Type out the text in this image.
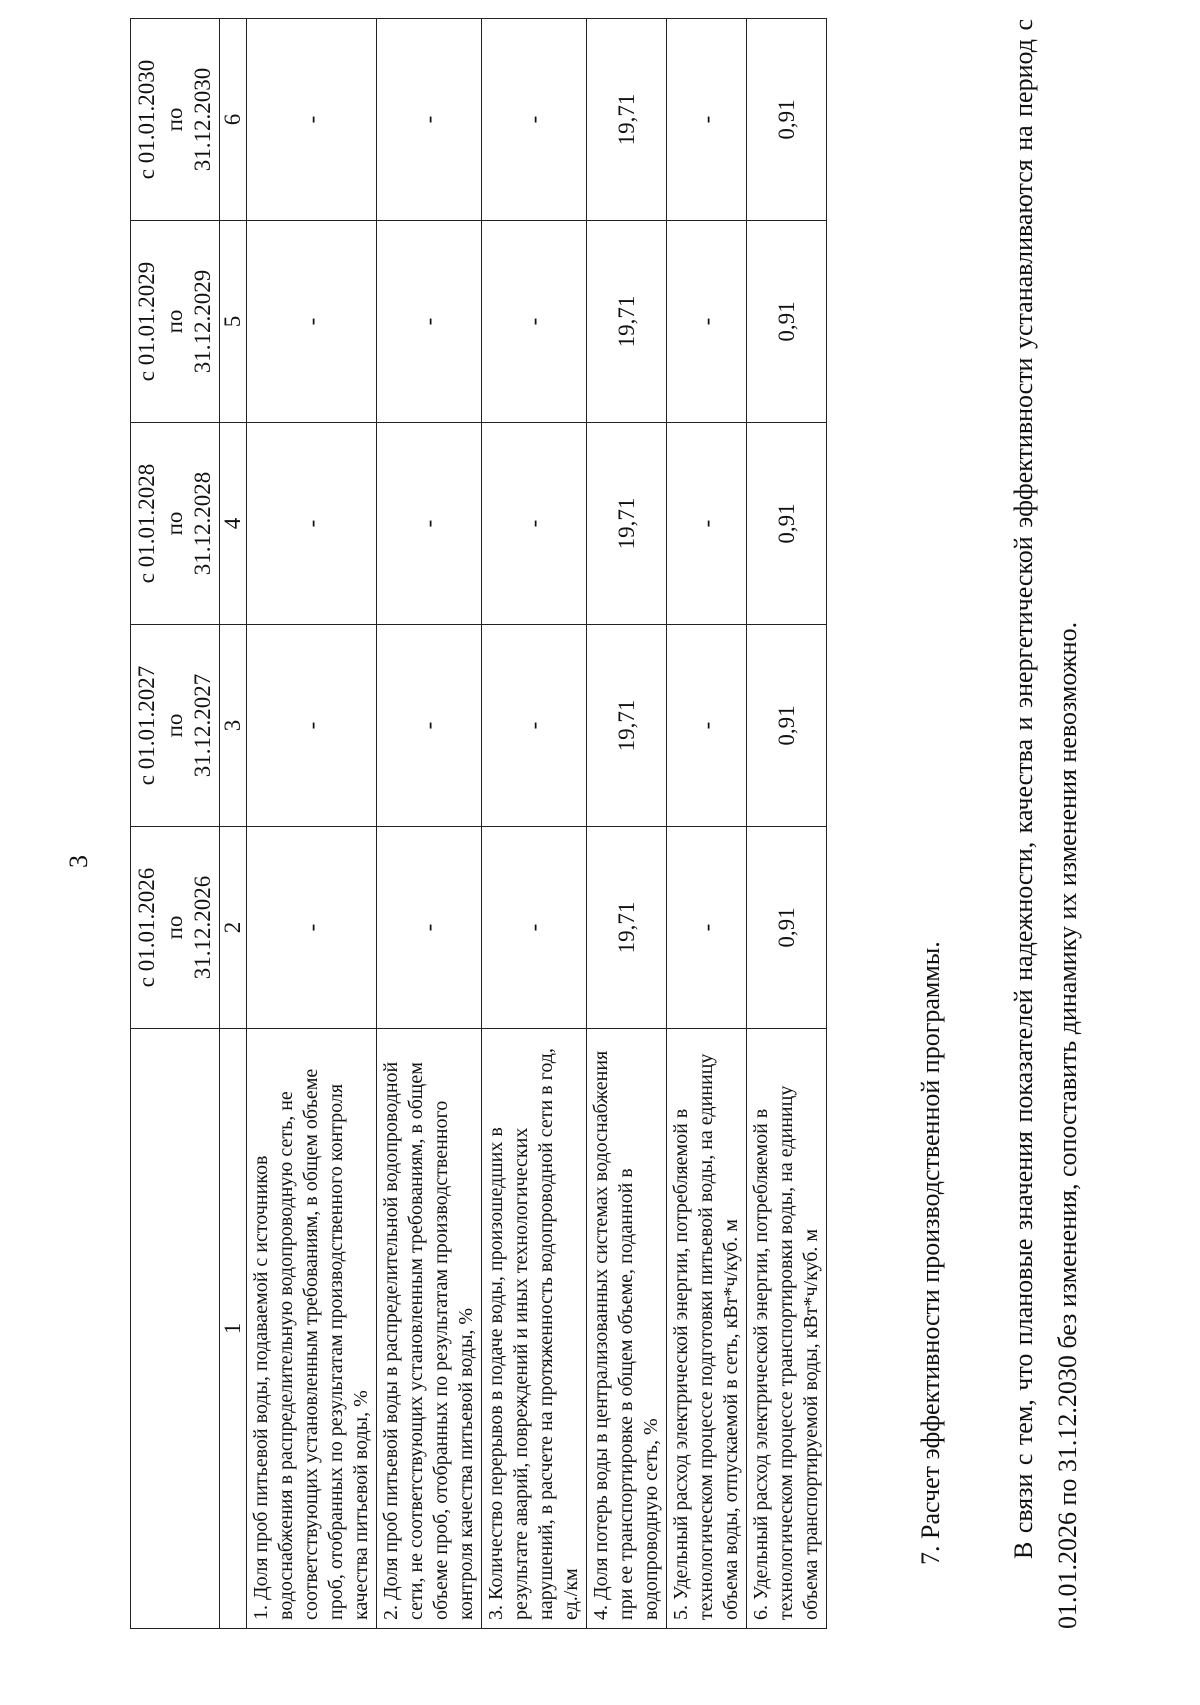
3

	с 01.01.2026 по 31.12.2026	с 01.01.2027 по 31.12.2027	с 01.01.2028 по 31.12.2028	с 01.01.2029 по 31.12.2029	с 01.01.2030 по 31.12.2030

1	2	3	4	5	6
1. Доля проб питьевой воды, подаваемой с источников водоснабжения в распределительную водопроводную сеть, не соответствующих установленным требованиям, в общем объеме проб, отобранных по результатам производственного контроля качества питьевой воды, %	-	-	-	-	-
2. Доля проб питьевой воды в распределительной водопроводной сети, не соответствующих установленным требованиям, в общем объеме проб, отобранных по результатам производственного контроля качества питьевой воды, %	-	-	-	-	-
3. Количество перерывов в подаче воды, произошедших в результате аварий, повреждений и иных технологических нарушений, в расчете на протяженность водопроводной сети в год, ед./км	-	-	-	-	-
4. Доля потерь воды в централизованных системах водоснабжения при ее транспортировке в общем объеме, поданной в водопроводную сеть, %	19,71	19,71	19,71	19,71	19,71
5. Удельный расход электрической энергии, потребляемой в технологическом процессе подготовки питьевой воды, на единицу объема воды, отпускаемой в сеть, кВт*ч/куб. м	-	-	-	-	-
6. Удельный расход электрической энергии, потребляемой в технологическом процессе транспортировки воды, на единицу объема транспортируемой воды, кВт*ч/куб. м	0,91	0,91	0,91	0,91	0,91
7. Расчет эффективности производственной программы. В связи с тем, что плановые значения показателей надежности, качества и энергетической эффективности устанавливаются на период с 01.01.2026 по 31.12.2030 без изменения, сопоставить динамику их изменения невозможно.
